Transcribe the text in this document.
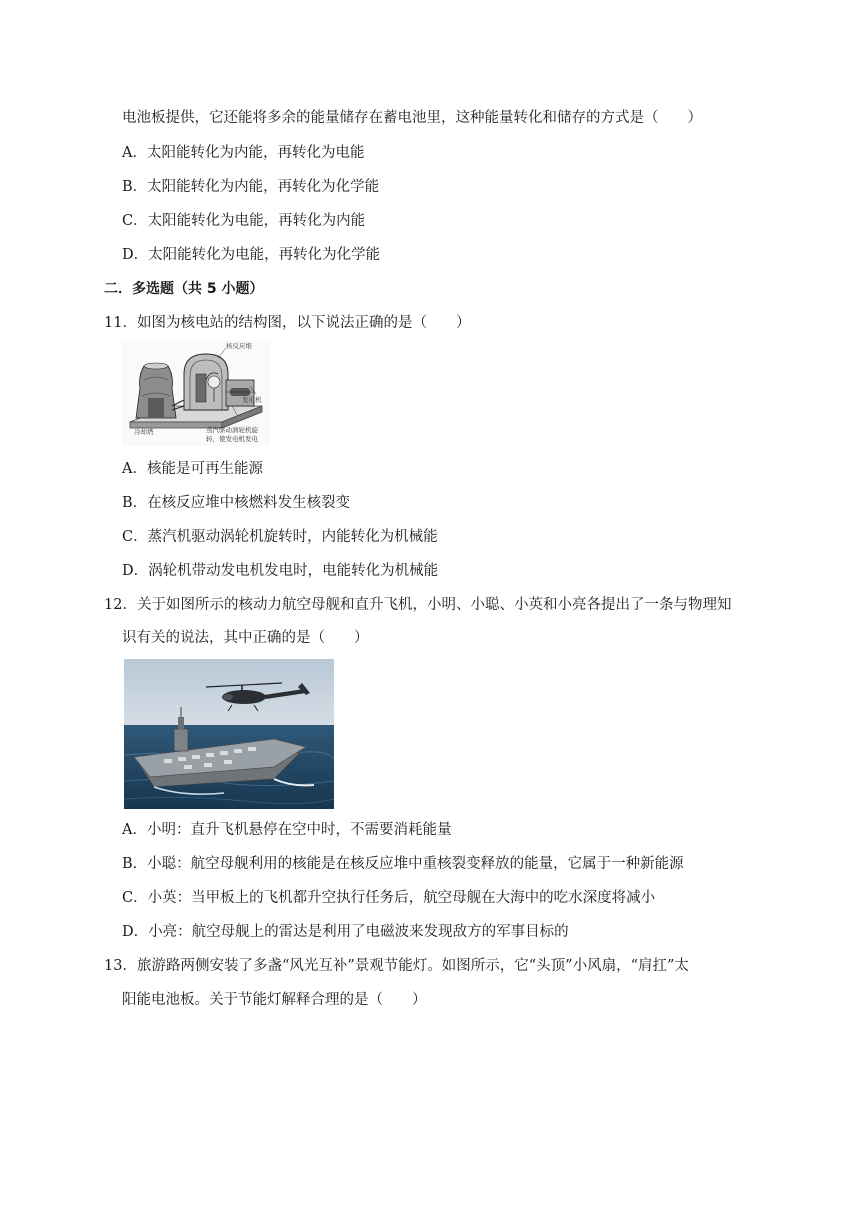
电池板提供，它还能将多余的能量储存在蓄电池里，这种能量转化和储存的方式是（　　）
A．太阳能转化为内能，再转化为电能
B．太阳能转化为内能，再转化为化学能
C．太阳能转化为电能，再转化为内能
D．太阳能转化为电能，再转化为化学能
二．多选题（共 5 小题）
11．如图为核电站的结构图，以下说法正确的是（　　）
核反应堆
发电机
冷却塔	蒸汽驱动涡轮机旋
转，使发电机发电
A．核能是可再生能源
B．在核反应堆中核燃料发生核裂变
C．蒸汽机驱动涡轮机旋转时，内能转化为机械能
D．涡轮机带动发电机发电时，电能转化为机械能
12．关于如图所示的核动力航空母舰和直升飞机，小明、小聪、小英和小亮各提出了一条与物理知
识有关的说法，其中正确的是（　　）
A．小明：直升飞机悬停在空中时，不需要消耗能量
B．小聪：航空母舰利用的核能是在核反应堆中重核裂变释放的能量，它属于一种新能源
C．小英：当甲板上的飞机都升空执行任务后，航空母舰在大海中的吃水深度将减小
D．小亮：航空母舰上的雷达是利用了电磁波来发现敌方的军事目标的
13．旅游路两侧安装了多盏“风光互补”景观节能灯。如图所示，它“头顶”小风扇，“肩扛”太
阳能电池板。关于节能灯解释合理的是（　　）
